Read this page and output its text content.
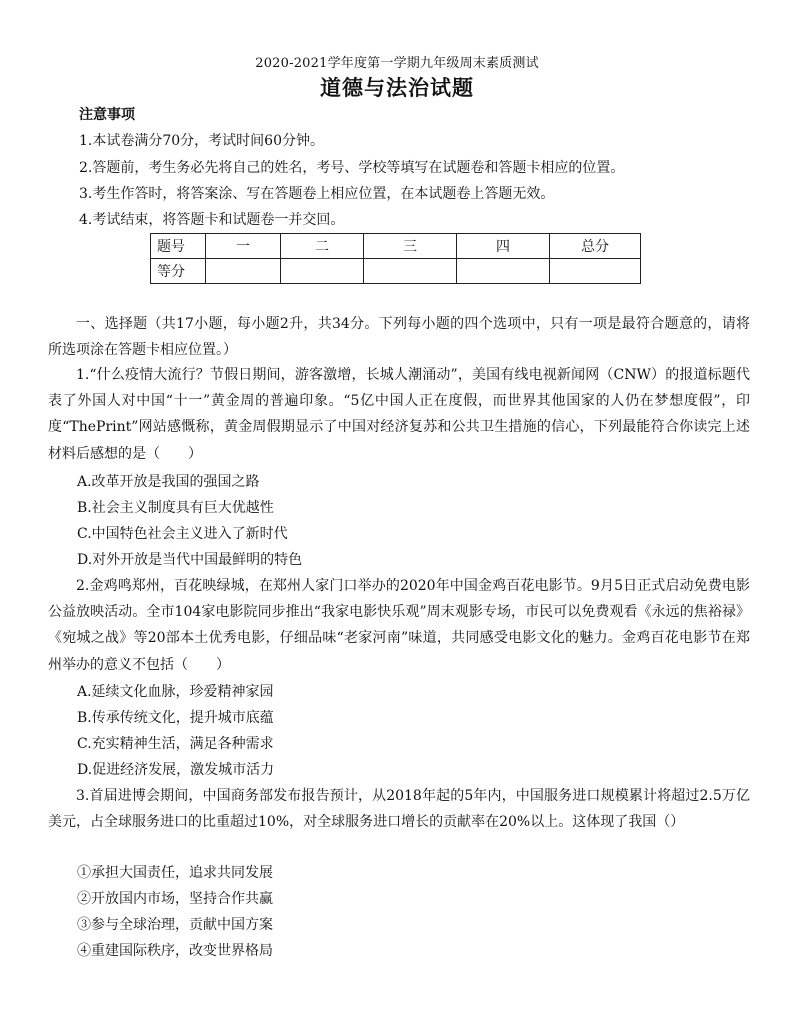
2020-2021学年度第一学期九年级周末素质测试
道德与法治试题
注意事项
1.本试卷满分70分，考试时间60分钟。
2.答题前，考生务必先将自己的姓名，考号、学校等填写在试题卷和答题卡相应的位置。
3.考生作答时，将答案涂、写在答题卷上相应位置，在本试题卷上答题无效。
4.考试结束，将答题卡和试题卷一并交回。
题号	一	二	三	四	总分
等分					
一、选择题（共17小题，每小题2升，共34分。下列每小题的四个选项中，只有一项是最符合题意的，请将所选项涂在答题卡相应位置。）
1.“什么疫情大流行？节假日期间，游客激增，长城人潮涌动”，美国有线电视新闻网（CNW）的报道标题代表了外国人对中国“十一”黄金周的普遍印象。“5亿中国人正在度假，而世界其他国家的人仍在梦想度假”，印度“ThePrint”网站感慨称，黄金周假期显示了中国对经济复苏和公共卫生措施的信心，下列最能符合你读完上述材料后感想的是（　　）
A.改革开放是我国的强国之路
B.社会主义制度具有巨大优越性
C.中国特色社会主义进入了新时代
D.对外开放是当代中国最鲜明的特色
2.金鸡鸣郑州，百花映绿城，在郑州人家门口举办的2020年中国金鸡百花电影节。9月5日正式启动免费电影公益放映活动。全市104家电影院同步推出“我家电影快乐观”周末观影专场，市民可以免费观看《永远的焦裕禄》《宛城之战》等20部本土优秀电影，仔细品味“老家河南”味道，共同感受电影文化的魅力。金鸡百花电影节在郑州举办的意义不包括（　　）
A.延续文化血脉，珍爱精神家园
B.传承传统文化，提升城市底蕴
C.充实精神生活，满足各种需求
D.促进经济发展，激发城市活力
3.首届进博会期间，中国商务部发布报告预计，从2018年起的5年内，中国服务进口规模累计将超过2.5万亿美元，占全球服务进口的比重超过10%，对全球服务进口增长的贡献率在20%以上。这体现了我国（）
①承担大国责任，追求共同发展
②开放国内市场，坚持合作共赢
③参与全球治理，贡献中国方案
④重建国际秩序，改变世界格局
